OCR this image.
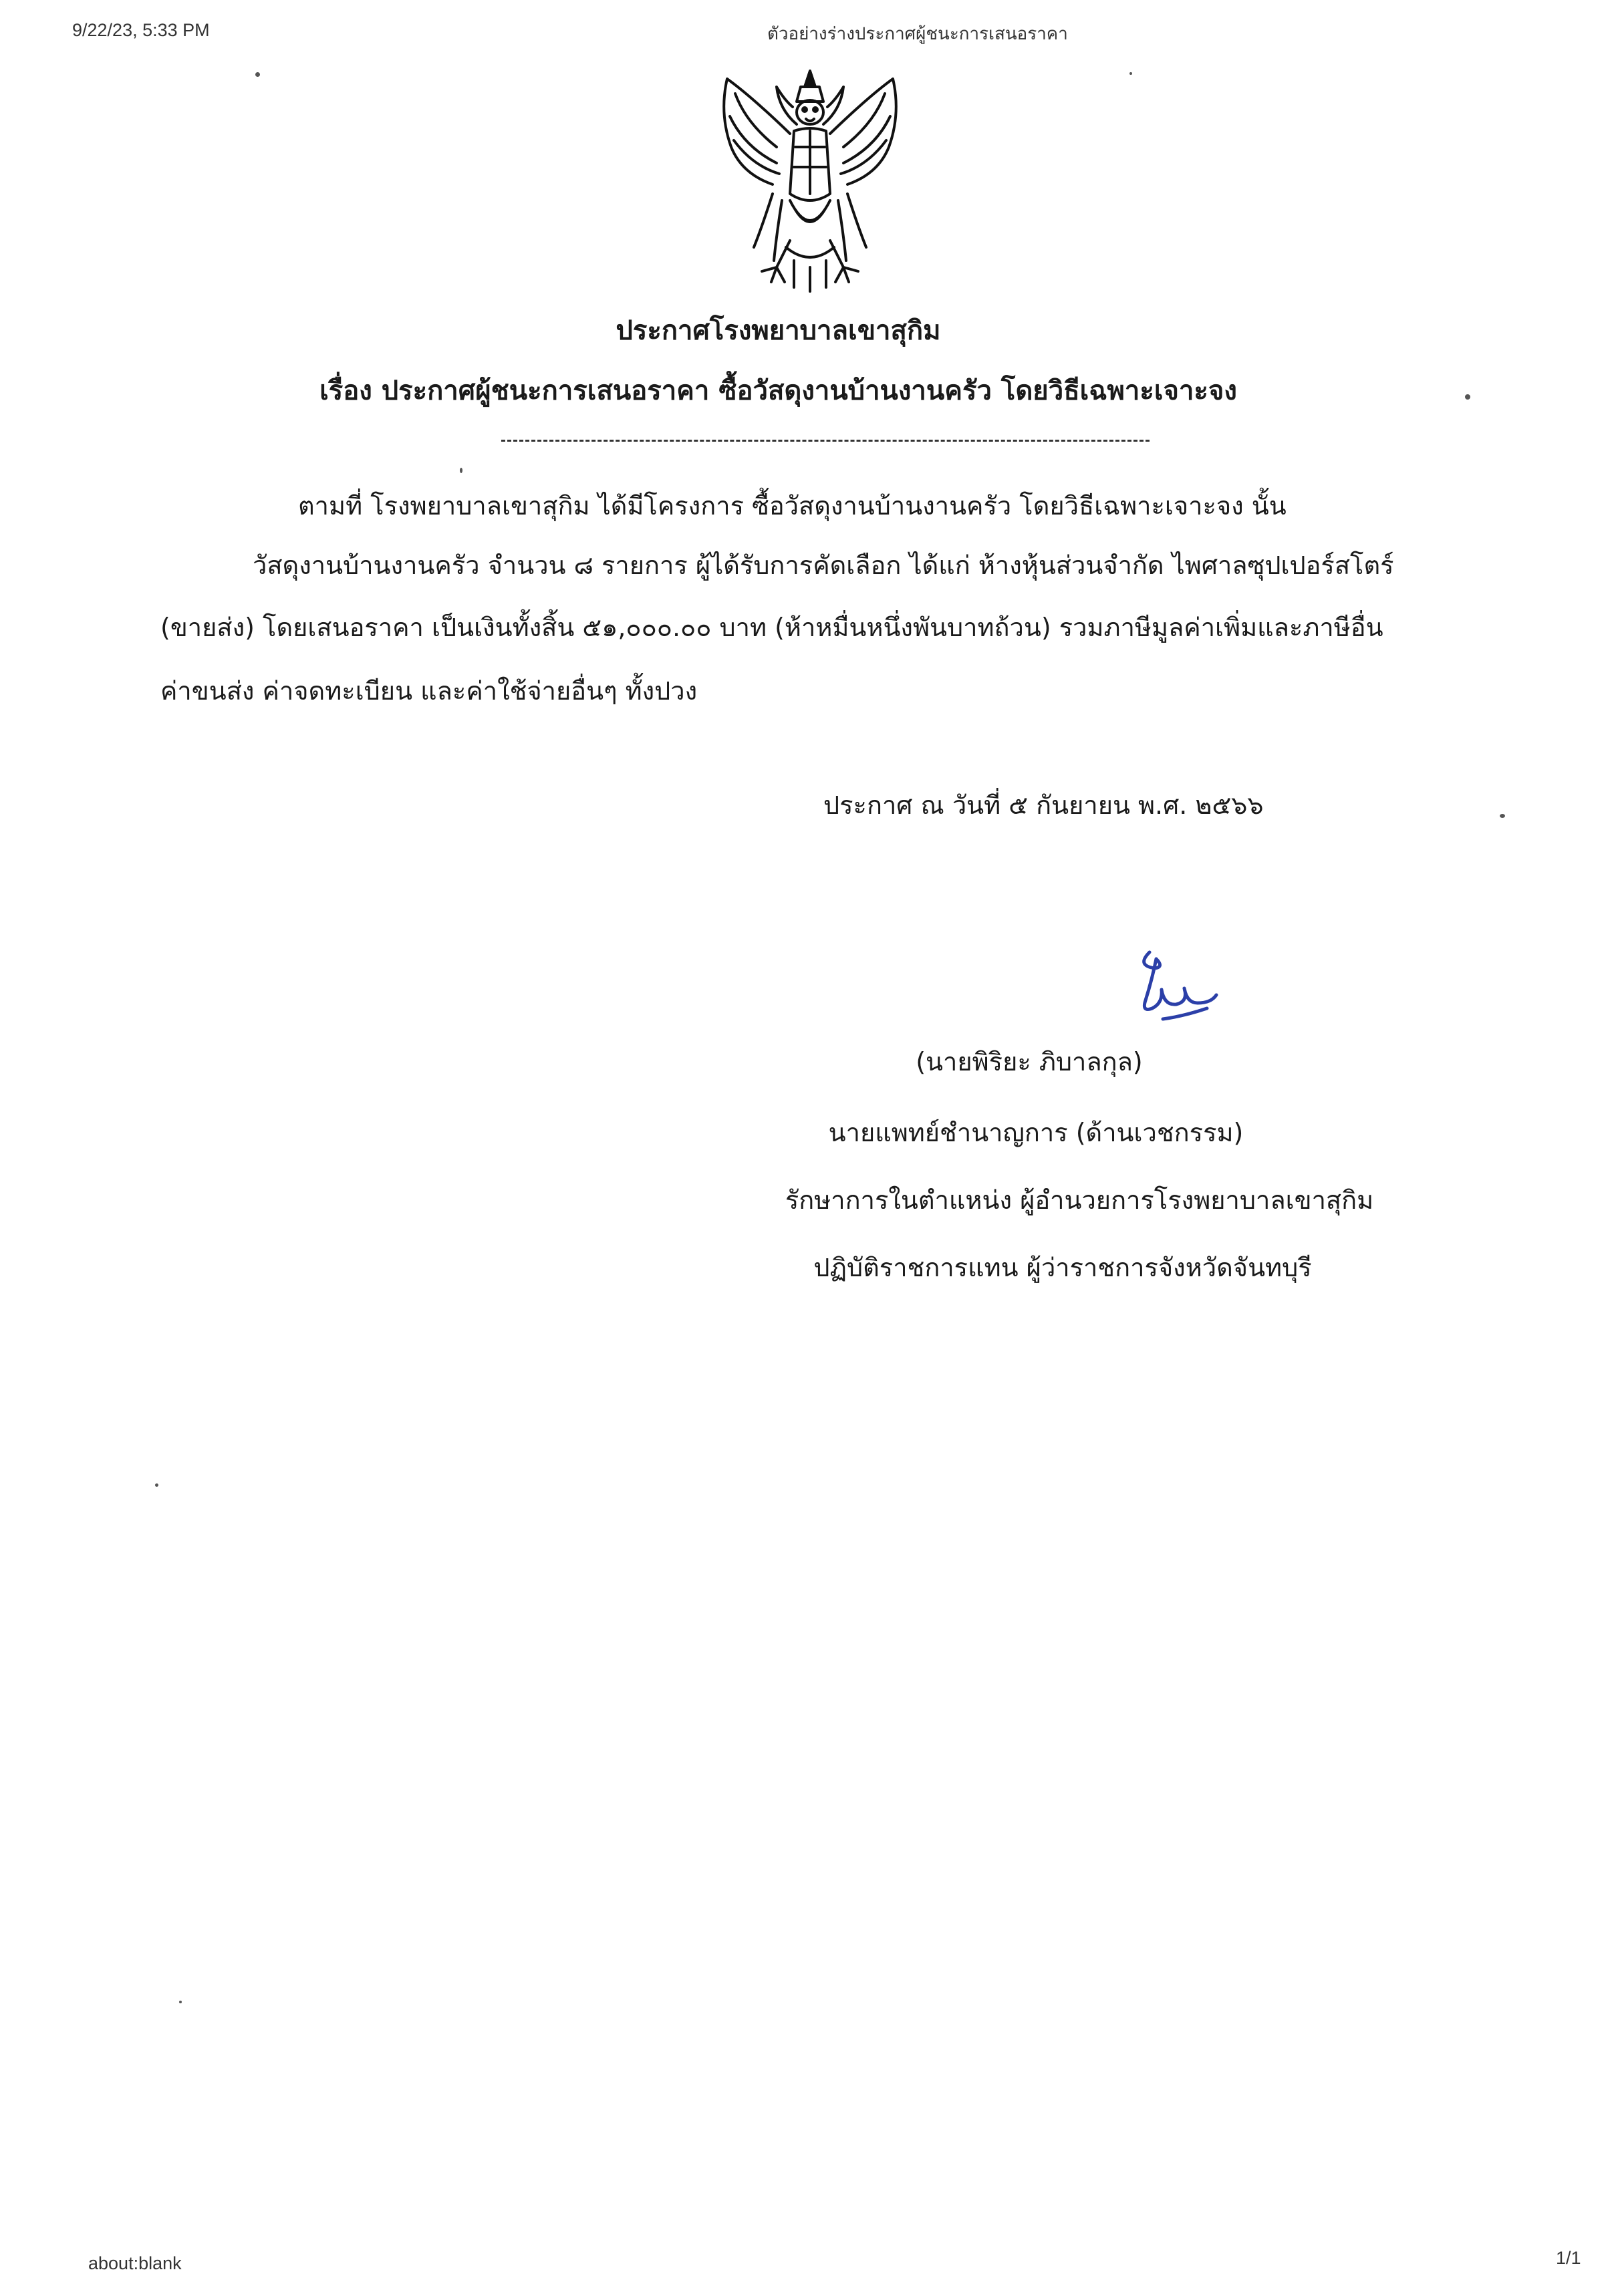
9/22/23, 5:33 PM	ตัวอย่างร่างประกาศผู้ชนะการเสนอราคา
ประกาศโรงพยาบาลเขาสุกิม
เรื่อง ประกาศผู้ชนะการเสนอราคา ซื้อวัสดุงานบ้านงานครัว โดยวิธีเฉพาะเจาะจง
ตามที่ โรงพยาบาลเขาสุกิม ได้มีโครงการ ซื้อวัสดุงานบ้านงานครัว โดยวิธีเฉพาะเจาะจง นั้น
วัสดุงานบ้านงานครัว จำนวน ๘ รายการ ผู้ได้รับการคัดเลือก ได้แก่ ห้างหุ้นส่วนจำกัด ไพศาลซุปเปอร์สโตร์
(ขายส่ง) โดยเสนอราคา เป็นเงินทั้งสิ้น ๕๑,๐๐๐.๐๐ บาท (ห้าหมื่นหนึ่งพันบาทถ้วน) รวมภาษีมูลค่าเพิ่มและภาษีอื่น
ค่าขนส่ง ค่าจดทะเบียน และค่าใช้จ่ายอื่นๆ ทั้งปวง
ประกาศ ณ วันที่ ๕ กันยายน พ.ศ. ๒๕๖๖
(นายพิริยะ ภิบาลกุล)
นายแพทย์ชำนาญการ (ด้านเวชกรรม)
รักษาการในตำแหน่ง ผู้อำนวยการโรงพยาบาลเขาสุกิม
ปฏิบัติราชการแทน ผู้ว่าราชการจังหวัดจันทบุรี
about:blank	1/1
